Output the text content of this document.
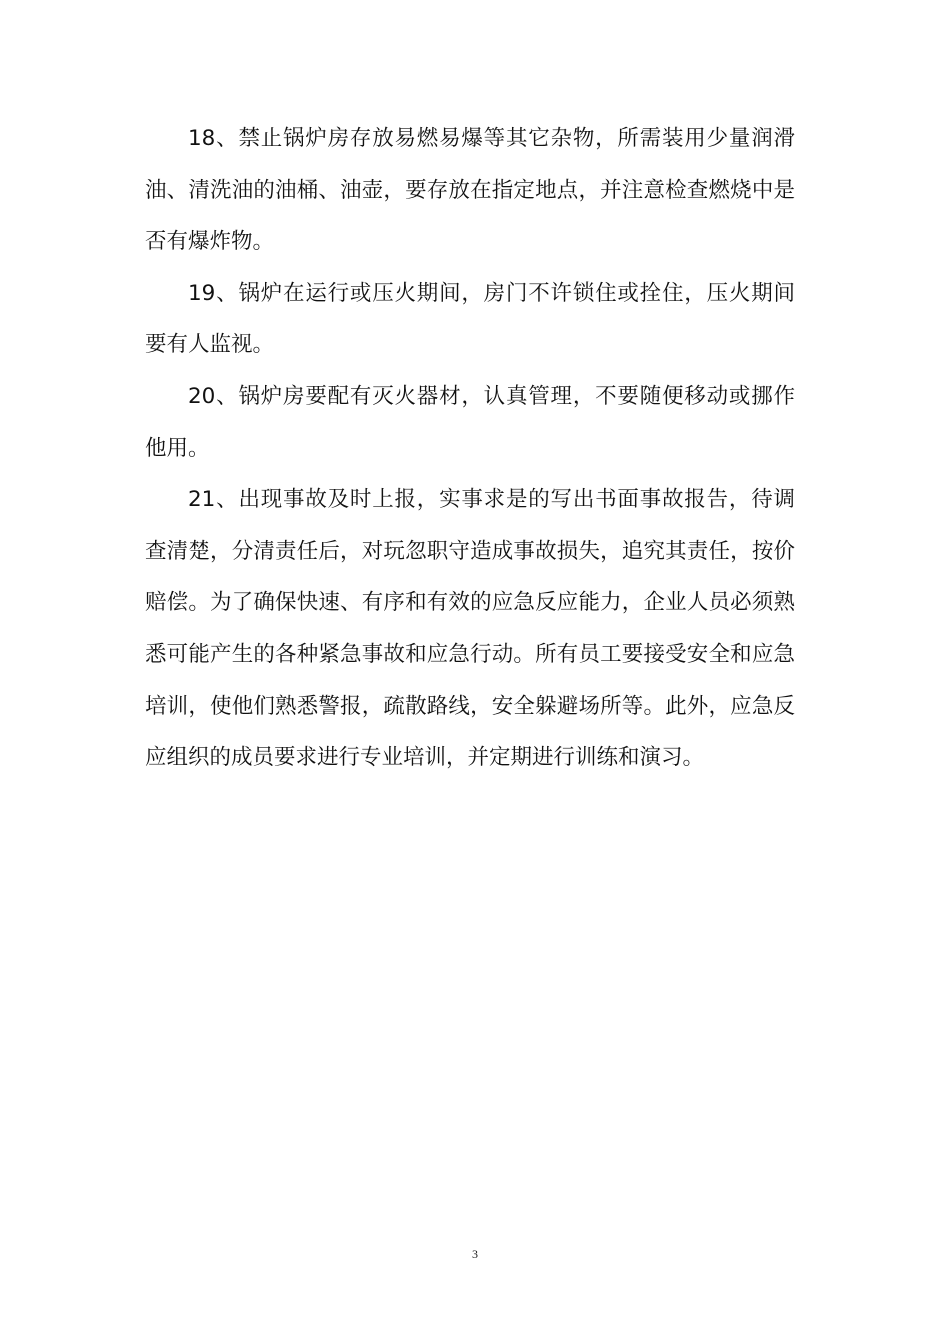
18、禁止锅炉房存放易燃易爆等其它杂物，所需装用少量润滑油、清洗油的油桶、油壶，要存放在指定地点，并注意检查燃烧中是否有爆炸物。

19、锅炉在运行或压火期间，房门不许锁住或拴住，压火期间要有人监视。

20、锅炉房要配有灭火器材，认真管理，不要随便移动或挪作他用。

21、出现事故及时上报，实事求是的写出书面事故报告，待调查清楚，分清责任后，对玩忽职守造成事故损失，追究其责任，按价赔偿。为了确保快速、有序和有效的应急反应能力，企业人员必须熟悉可能产生的各种紧急事故和应急行动。所有员工要接受安全和应急培训，使他们熟悉警报，疏散路线，安全躲避场所等。此外，应急反应组织的成员要求进行专业培训，并定期进行训练和演习。

3
